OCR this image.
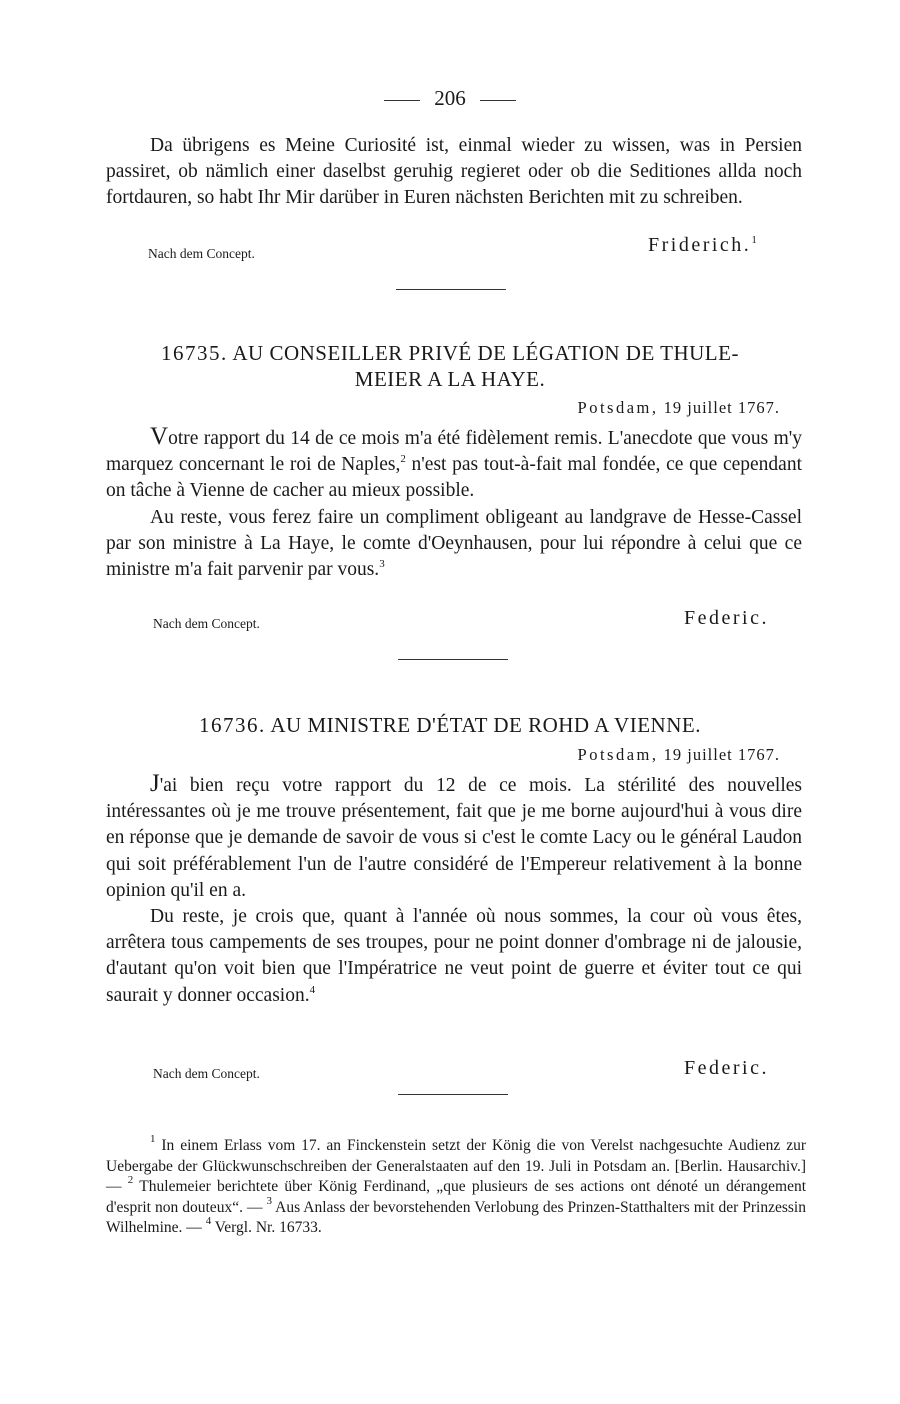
206

Da übrigens es Meine Curiosité ist, einmal wieder zu wissen, was in Persien passiret, ob nämlich einer daselbst geruhig regieret oder ob die Seditiones allda noch fortdauren, so habt Ihr Mir darüber in Euren nächsten Berichten mit zu schreiben.

Nach dem Concept.	Friderich.$^1$
16735. AU CONSEILLER PRIVÉ DE LÉGATION DE THULE-
MEIER A LA HAYE.
Potsdam, 19 juillet 1767.

Votre rapport du 14 de ce mois m'a été fidèlement remis. L'anecdote que vous m'y marquez concernant le roi de Naples,$^2$ n'est pas tout-à-fait mal fondée, ce que cependant on tâche à Vienne de cacher au mieux possible.

Au reste, vous ferez faire un compliment obligeant au landgrave de Hesse-Cassel par son ministre à La Haye, le comte d'Oeynhausen, pour lui répondre à celui que ce ministre m'a fait parvenir par vous.$^3$

Nach dem Concept.	Federic.
16736. AU MINISTRE D'ÉTAT DE ROHD A VIENNE.
Potsdam, 19 juillet 1767.

J'ai bien reçu votre rapport du 12 de ce mois. La stérilité des nouvelles intéressantes où je me trouve présentement, fait que je me borne aujourd'hui à vous dire en réponse que je demande de savoir de vous si c'est le comte Lacy ou le général Laudon qui soit préférablement l'un de l'autre considéré de l'Empereur relativement à la bonne opinion qu'il en a.

Du reste, je crois que, quant à l'année où nous sommes, la cour où vous êtes, arrêtera tous campements de ses troupes, pour ne point donner d'ombrage ni de jalousie, d'autant qu'on voit bien que l'Impératrice ne veut point de guerre et éviter tout ce qui saurait y donner occasion.$^4$

Nach dem Concept.	Federic.

$^1$ In einem Erlass vom 17. an Finckenstein setzt der König die von Verelst nachgesuchte Audienz zur Uebergabe der Glückwunschschreiben der Generalstaaten auf den 19. Juli in Potsdam an. [Berlin. Hausarchiv.] — $^2$ Thulemeier berichtete über König Ferdinand, „que plusieurs de ses actions ont dénoté un dérangement d'esprit non douteux“. — $^3$ Aus Anlass der bevorstehenden Verlobung des Prinzen-Statthalters mit der Prinzessin Wilhelmine. — $^4$ Vergl. Nr. 16733.
